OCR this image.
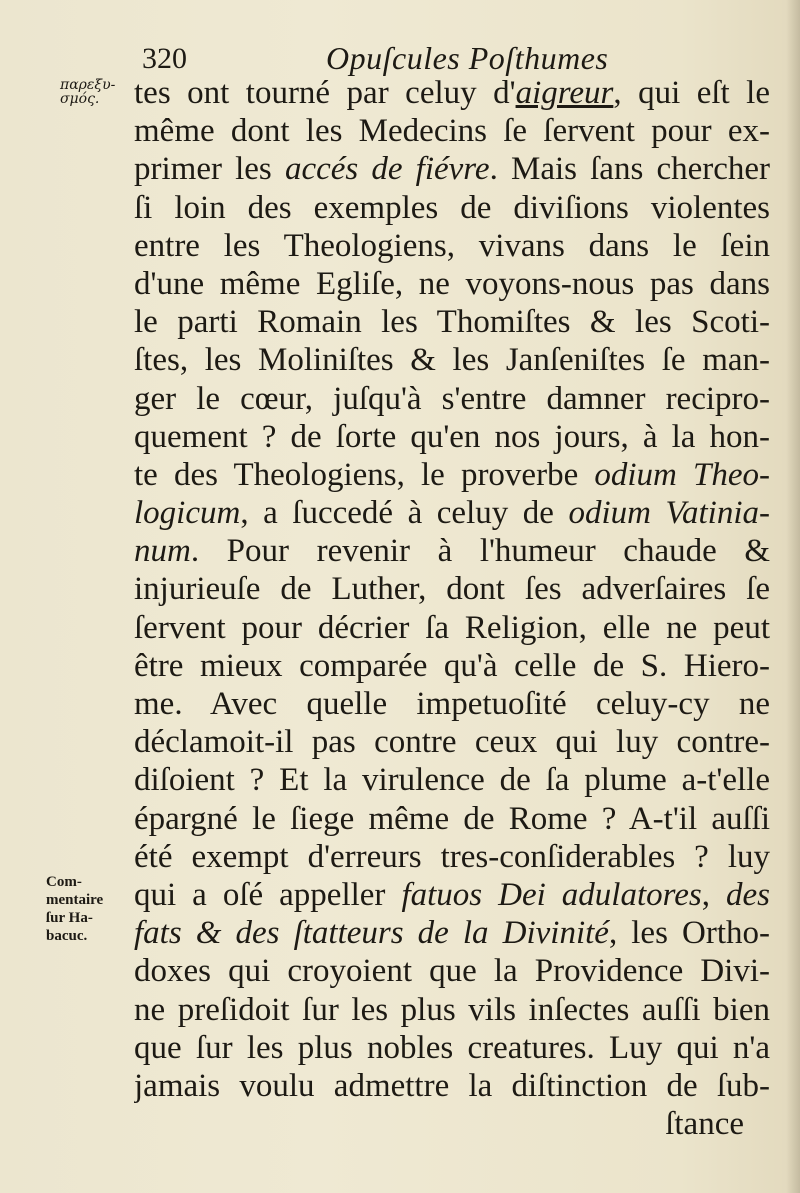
320	Opuſcules Poſthumes
παρεξυ-
σμός.
Com-
mentaire
ſur Ha-
bacuc.
tes ont tourné par celuy d'aigreur, qui eſt le
même dont les Medecins ſe ſervent pour ex-
primer les accés de fiévre. Mais ſans chercher
ſi loin des exemples de diviſions violentes
entre les Theologiens, vivans dans le ſein
d'une même Egliſe, ne voyons-nous pas dans
le parti Romain les Thomiſtes & les Scoti-
ſtes, les Moliniſtes & les Janſeniſtes ſe man-
ger le cœur, juſqu'à s'entre damner recipro-
quement ? de ſorte qu'en nos jours, à la hon-
te des Theologiens, le proverbe odium Theo-
logicum, a ſuccedé à celuy de odium Vatinia-
num. Pour revenir à l'humeur chaude &
injurieuſe de Luther, dont ſes adverſaires ſe
ſervent pour décrier ſa Religion, elle ne peut
être mieux comparée qu'à celle de S. Hiero-
me. Avec quelle impetuoſité celuy-cy ne
déclamoit-il pas contre ceux qui luy contre-
diſoient ? Et la virulence de ſa plume a-t'elle
épargné le ſiege même de Rome ? A-t'il auſſi
été exempt d'erreurs tres-conſiderables ? luy
qui a oſé appeller fatuos Dei adulatores, des
fats & des ſtatteurs de la Divinité, les Ortho-
doxes qui croyoient que la Providence Divi-
ne preſidoit ſur les plus vils inſectes auſſi bien
que ſur les plus nobles creatures. Luy qui n'a
jamais voulu admettre la diſtinction de ſub-
ſtance
